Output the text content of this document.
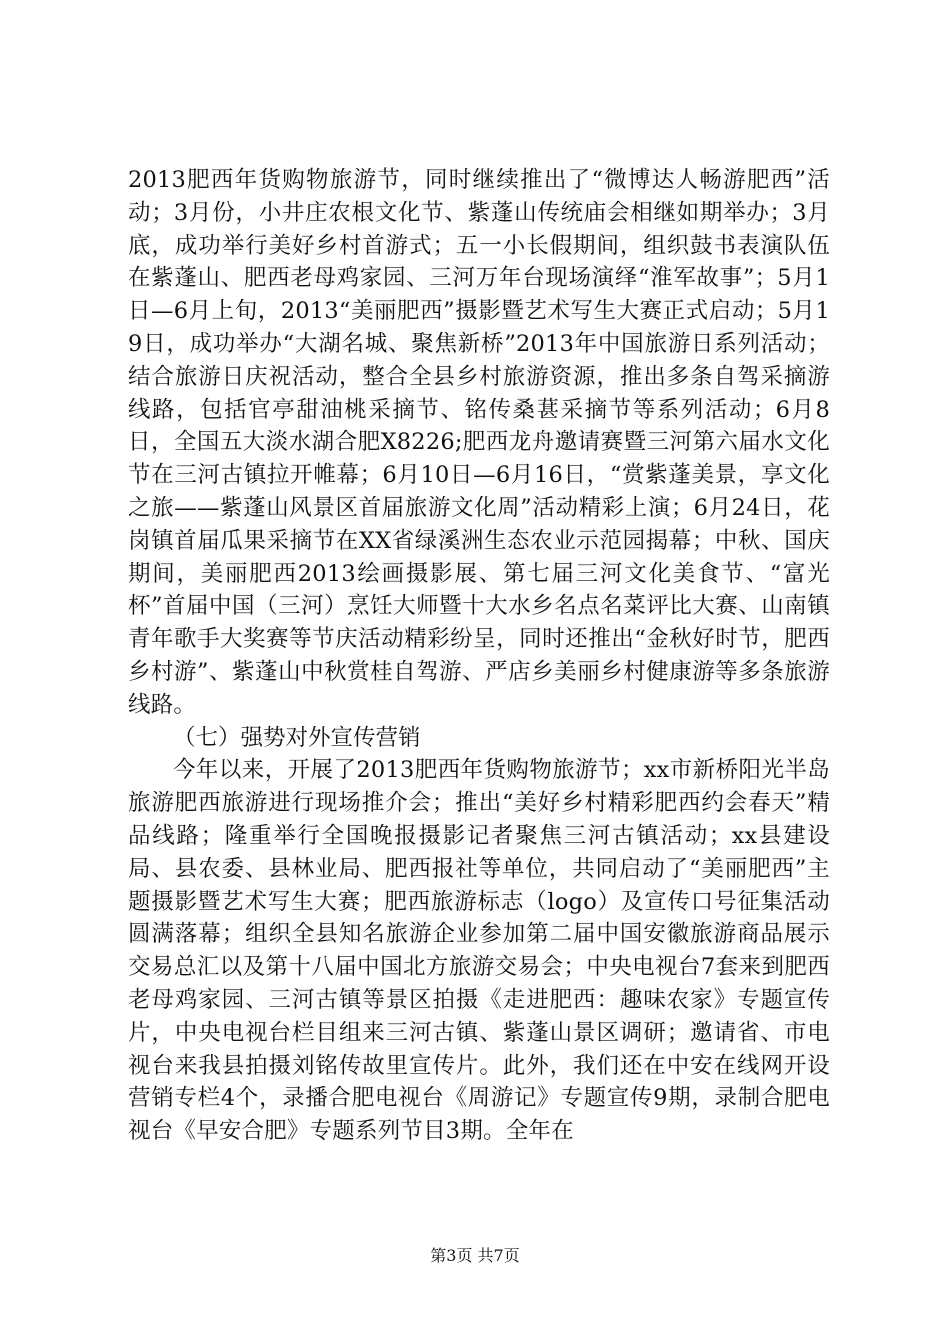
2013肥西年货购物旅游节，同时继续推出了“微博达人畅游肥西”活动；3月份，小井庄农根文化节、紫蓬山传统庙会相继如期举办；3月底，成功举行美好乡村首游式；五一小长假期间，组织鼓书表演队伍在紫蓬山、肥西老母鸡家园、三河万年台现场演绎“淮军故事”；5月1日—6月上旬，2013“美丽肥西”摄影暨艺术写生大赛正式启动；5月19日，成功举办“大湖名城、聚焦新桥”2013年中国旅游日系列活动；结合旅游日庆祝活动，整合全县乡村旅游资源，推出多条自驾采摘游线路，包括官亭甜油桃采摘节、铭传桑葚采摘节等系列活动；6月8日，全国五大淡水湖合肥X8226;肥西龙舟邀请赛暨三河第六届水文化节在三河古镇拉开帷幕；6月10日—6月16日，“赏紫蓬美景，享文化之旅——紫蓬山风景区首届旅游文化周”活动精彩上演；6月24日，花岗镇首届瓜果采摘节在XX省绿溪洲生态农业示范园揭幕；中秋、国庆期间，美丽肥西2013绘画摄影展、第七届三河文化美食节、“富光杯”首届中国（三河）烹饪大师暨十大水乡名点名菜评比大赛、山南镇青年歌手大奖赛等节庆活动精彩纷呈，同时还推出“金秋好时节，肥西乡村游”、紫蓬山中秋赏桂自驾游、严店乡美丽乡村健康游等多条旅游线路。

（七）强势对外宣传营销

今年以来，开展了2013肥西年货购物旅游节；xx市新桥阳光半岛旅游肥西旅游进行现场推介会；推出“美好乡村精彩肥西约会春天”精品线路；隆重举行全国晚报摄影记者聚焦三河古镇活动；xx县建设局、县农委、县林业局、肥西报社等单位，共同启动了“美丽肥西”主题摄影暨艺术写生大赛；肥西旅游标志（logo）及宣传口号征集活动圆满落幕；组织全县知名旅游企业参加第二届中国安徽旅游商品展示交易总汇以及第十八届中国北方旅游交易会；中央电视台7套来到肥西老母鸡家园、三河古镇等景区拍摄《走进肥西：趣味农家》专题宣传片，中央电视台栏目组来三河古镇、紫蓬山景区调研；邀请省、市电视台来我县拍摄刘铭传故里宣传片。此外，我们还在中安在线网开设营销专栏4个，录播合肥电视台《周游记》专题宣传9期，录制合肥电视台《早安合肥》专题系列节目3期。全年在

第3页 共7页
